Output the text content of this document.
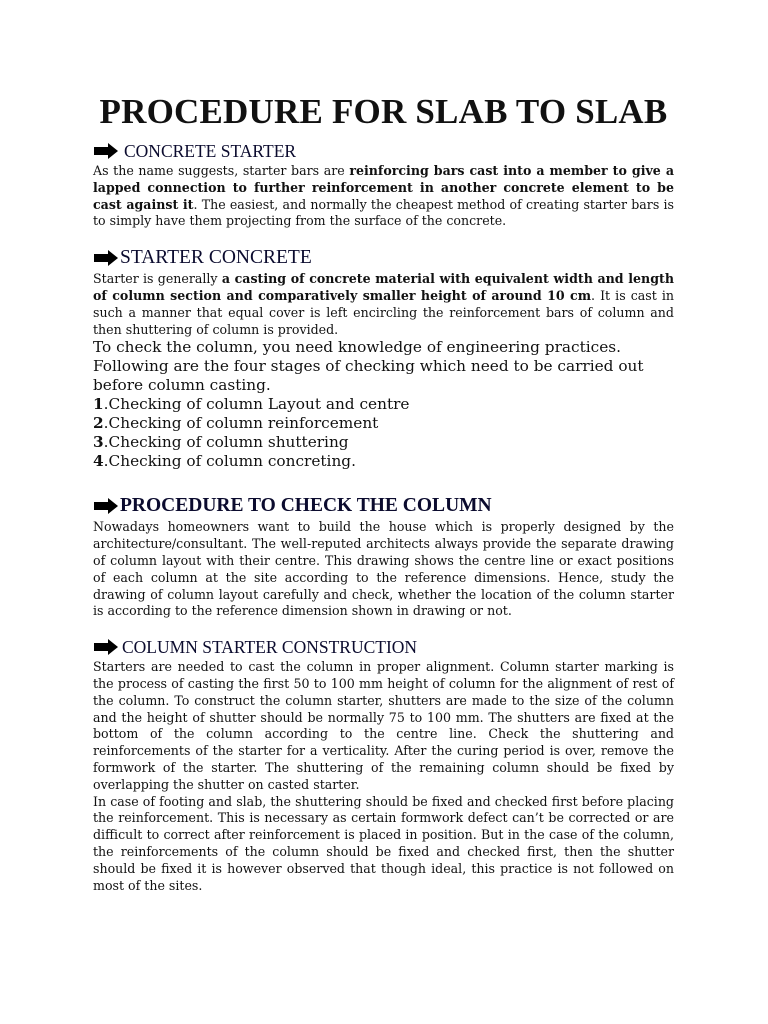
PROCEDURE FOR SLAB TO SLAB
CONCRETE STARTER

As the name suggests, starter bars are reinforcing bars cast into a member to give a lapped connection to further reinforcement in another concrete element to be cast against it. The easiest, and normally the cheapest method of creating starter bars is to simply have them projecting from the surface of the concrete.

STARTER CONCRETE

Starter is generally a casting of concrete material with equivalent width and length of column section and comparatively smaller height of around 10 cm. It is cast in such a manner that equal cover is left encircling the reinforcement bars of column and then shuttering of column is provided.

To check the column, you need knowledge of engineering practices.

Following are the four stages of checking which need to be carried out before column casting.

1.Checking of column Layout and centre
2.Checking of column reinforcement
3.Checking of column shuttering
4.Checking of column concreting.
PROCEDURE TO CHECK THE COLUMN

Nowadays homeowners want to build the house which is properly designed by the architecture/consultant. The well-reputed architects always provide the separate drawing of column layout with their centre. This drawing shows the centre line or exact positions of each column at the site according to the reference dimensions. Hence, study the drawing of column layout carefully and check, whether the location of the column starter is according to the reference dimension shown in drawing or not.

COLUMN STARTER CONSTRUCTION

Starters are needed to cast the column in proper alignment. Column starter marking is the process of casting the first 50 to 100 mm height of column for the alignment of rest of the column. To construct the column starter, shutters are made to the size of the column and the height of shutter should be normally 75 to 100 mm. The shutters are fixed at the bottom of the column according to the centre line. Check the shuttering and reinforcements of the starter for a verticality. After the curing period is over, remove the formwork of the starter. The shuttering of the remaining column should be fixed by overlapping the shutter on casted starter.

In case of footing and slab, the shuttering should be fixed and checked first before placing the reinforcement. This is necessary as certain formwork defect can’t be corrected or are difficult to correct after reinforcement is placed in position. But in the case of the column, the reinforcements of the column should be fixed and checked first, then the shutter should be fixed it is however observed that though ideal, this practice is not followed on most of the sites.
